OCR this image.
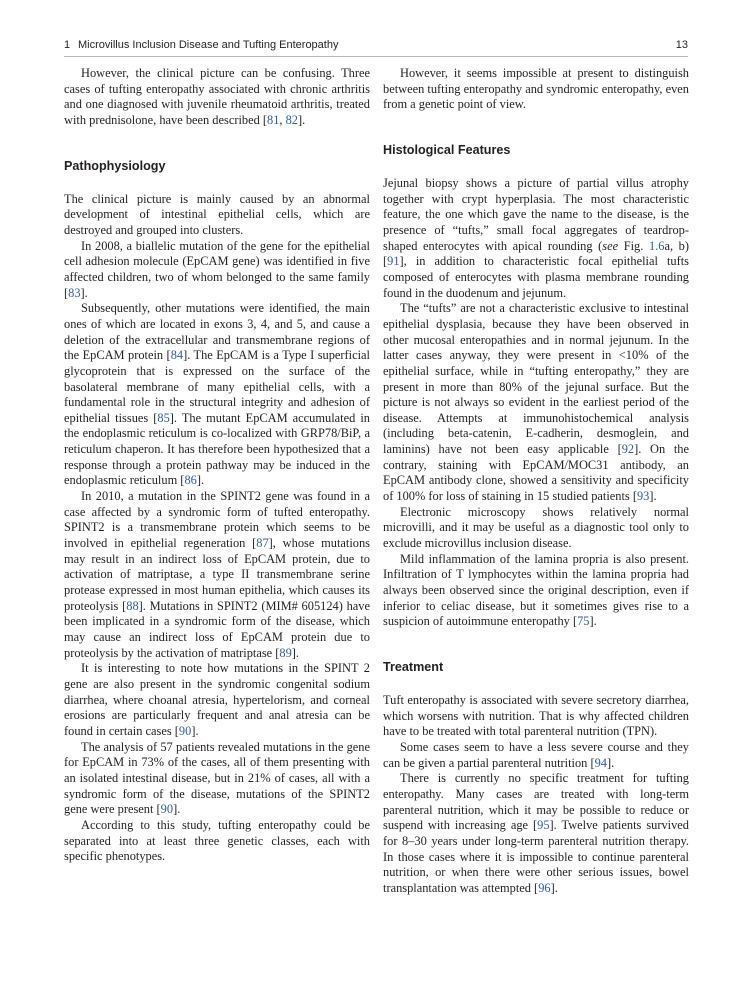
1 Microvillus Inclusion Disease and Tufting Enteropathy	13

However, the clinical picture can be confusing. Three cases of tufting enteropathy associated with chronic arthritis and one diagnosed with juvenile rheumatoid arthritis, treated with prednisolone, have been described [81, 82].

Pathophysiology

The clinical picture is mainly caused by an abnormal development of intestinal epithelial cells, which are destroyed and grouped into clusters.

In 2008, a biallelic mutation of the gene for the epithelial cell adhesion molecule (EpCAM gene) was identified in five affected children, two of whom belonged to the same family [83].

Subsequently, other mutations were identified, the main ones of which are located in exons 3, 4, and 5, and cause a deletion of the extracellular and transmembrane regions of the EpCAM protein [84]. The EpCAM is a Type I superficial glycoprotein that is expressed on the surface of the basolateral membrane of many epithelial cells, with a fundamental role in the structural integrity and adhesion of epithelial tissues [85]. The mutant EpCAM accumulated in the endoplasmic reticulum is co-localized with GRP78/BiP, a reticulum chaperon. It has therefore been hypothesized that a response through a protein pathway may be induced in the endoplasmic reticulum [86].

In 2010, a mutation in the SPINT2 gene was found in a case affected by a syndromic form of tufted enteropathy. SPINT2 is a transmembrane protein which seems to be involved in epithelial regeneration [87], whose mutations may result in an indirect loss of EpCAM protein, due to activation of matriptase, a type II transmembrane serine protease expressed in most human epithelia, which causes its proteolysis [88]. Mutations in SPINT2 (MIM# 605124) have been implicated in a syndromic form of the disease, which may cause an indirect loss of EpCAM protein due to proteolysis by the activation of matriptase [89].

It is interesting to note how mutations in the SPINT 2 gene are also present in the syndromic congenital sodium diarrhea, where choanal atresia, hypertelorism, and corneal erosions are particularly frequent and anal atresia can be found in certain cases [90].

The analysis of 57 patients revealed mutations in the gene for EpCAM in 73% of the cases, all of them presenting with an isolated intestinal disease, but in 21% of cases, all with a syndromic form of the disease, mutations of the SPINT2 gene were present [90].

According to this study, tufting enteropathy could be separated into at least three genetic classes, each with specific phenotypes.

However, it seems impossible at present to distinguish between tufting enteropathy and syndromic enteropathy, even from a genetic point of view.

Histological Features

Jejunal biopsy shows a picture of partial villus atrophy together with crypt hyperplasia. The most characteristic feature, the one which gave the name to the disease, is the presence of “tufts,” small focal aggregates of teardrop-shaped enterocytes with apical rounding (see Fig. 1.6a, b) [91], in addition to characteristic focal epithelial tufts composed of enterocytes with plasma membrane rounding found in the duodenum and jejunum.

The “tufts” are not a characteristic exclusive to intestinal epithelial dysplasia, because they have been observed in other mucosal enteropathies and in normal jejunum. In the latter cases anyway, they were present in <10% of the epithelial surface, while in “tufting enteropathy,” they are present in more than 80% of the jejunal surface. But the picture is not always so evident in the earliest period of the disease. Attempts at immunohistochemical analysis (including beta-catenin, E-cadherin, desmoglein, and laminins) have not been easy applicable [92]. On the contrary, staining with EpCAM/MOC31 antibody, an EpCAM antibody clone, showed a sensitivity and specificity of 100% for loss of staining in 15 studied patients [93].

Electronic microscopy shows relatively normal microvilli, and it may be useful as a diagnostic tool only to exclude microvillus inclusion disease.

Mild inflammation of the lamina propria is also present. Infiltration of T lymphocytes within the lamina propria had always been observed since the original description, even if inferior to celiac disease, but it sometimes gives rise to a suspicion of autoimmune enteropathy [75].

Treatment

Tuft enteropathy is associated with severe secretory diarrhea, which worsens with nutrition. That is why affected children have to be treated with total parenteral nutrition (TPN).

Some cases seem to have a less severe course and they can be given a partial parenteral nutrition [94].

There is currently no specific treatment for tufting enteropathy. Many cases are treated with long-term parenteral nutrition, which it may be possible to reduce or suspend with increasing age [95]. Twelve patients survived for 8–30 years under long-term parenteral nutrition therapy. In those cases where it is impossible to continue parenteral nutrition, or when there were other serious issues, bowel transplantation was attempted [96].
